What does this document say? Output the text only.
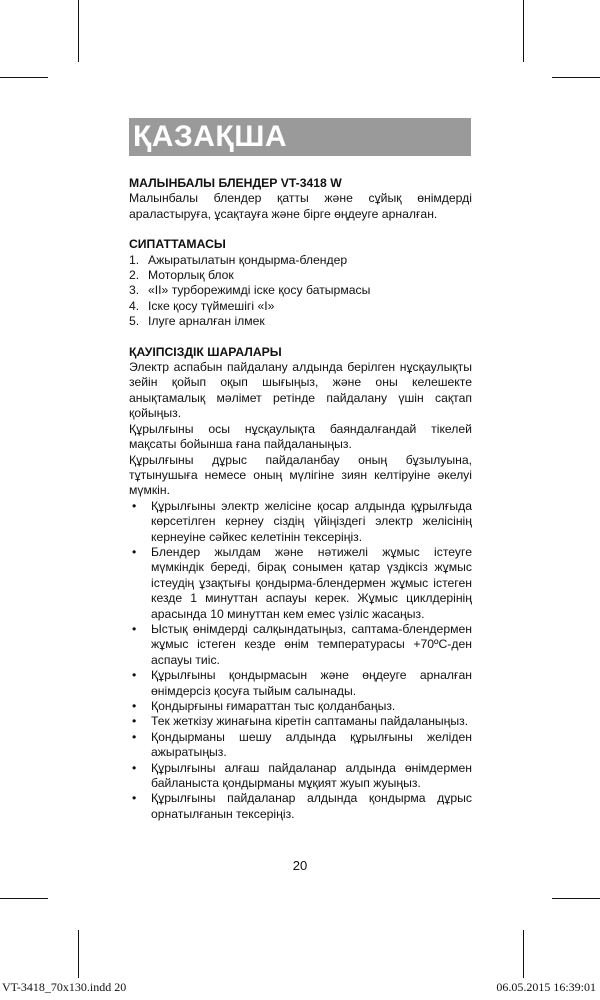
ҚАЗАҚША

МАЛЫНБАЛЫ БЛЕНДЕР VT-3418 W

Малынбалы блендер қатты және сұйық өнімдерді араластыруға, ұсақтауға және бірге өңдеуге арналған.

СИПАТТАМАСЫ

1. Ажыратылатын қондырма-блендер
2. Моторлық блок
3. «II» турборежимді іске қосу батырмасы
4. Іске қосу түймешігі «I»
5. Ілуге арналған ілмек

ҚАУІПСІЗДІК ШАРАЛАРЫ

Электр аспабын пайдалану алдында берілген нұсқаулықты зейін қойып оқып шығыңыз, және оны келешекте анықтамалық мәлімет ретінде пайдалану үшін сақтап қойыңыз.

Құрылғыны осы нұсқаулықта баяндалғандай тікелей мақсаты бойынша ғана пайдаланыңыз.

Құрылғыны дұрыс пайдаланбау оның бұзылуына, тұтынушыға немесе оның мүлігіне зиян келтіруіне әкелуі мүмкін.

•	Құрылғыны электр желісіне қосар алдында құрылғыда көрсетілген кернеу сіздің үйіңіздегі электр желісінің кернеуіне сәйкес келетінін тексеріңіз.
•	Блендер жылдам және нәтижелі жұмыс істеуге мүмкіндік береді, бірақ сонымен қатар үздіксіз жұмыс істеудің ұзақтығы қондырма-блендермен жұмыс істеген кезде 1 минуттан аспауы керек. Жұмыс циклдерінің арасында 10 минуттан кем емес үзіліс жасаңыз.
•	Ыстық өнімдерді салқындатыңыз, саптама-блендермен жұмыс істеген кезде өнім температурасы +70ºС-ден аспауы тиіс.
•	Құрылғыны қондырмасын және өңдеуге арналған өнімдерсіз қосуға тыйым салынады.
•	Қондырғыны ғимараттан тыс қолданбаңыз.
•	Тек жеткізу жинағына кіретін саптаманы пайдаланыңыз.
•	Қондырманы шешу алдында құрылғыны желіден ажыратыңыз.
•	Құрылғыны алғаш пайдаланар алдында өнімдермен байланыста қондырманы мұқият жуып жуыңыз.
•	Құрылғыны пайдаланар алдында қондырма дұрыс орнатылғанын тексеріңіз.
20
VT-3418_70x130.indd 20	06.05.2015 16:39:01
